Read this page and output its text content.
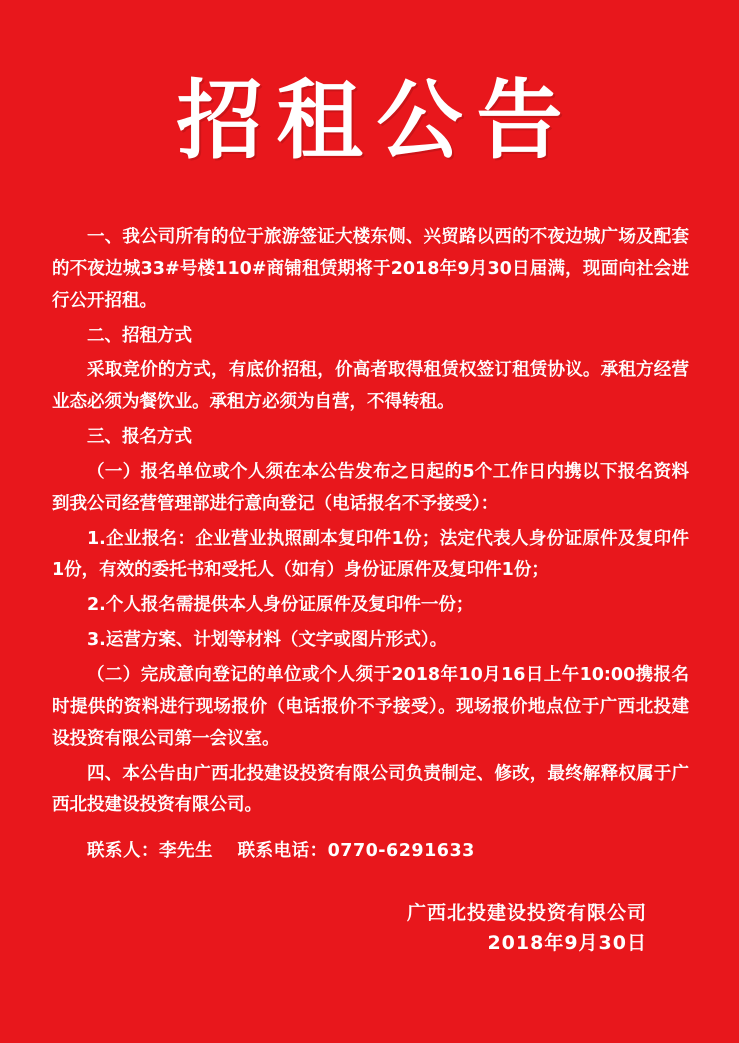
招租公告

一、我公司所有的位于旅游签证大楼东侧、兴贸路以西的不夜边城广场及配套的不夜边城33#号楼110#商铺租赁期将于2018年9月30日届满，现面向社会进行公开招租。

二、招租方式

采取竞价的方式，有底价招租，价高者取得租赁权签订租赁协议。承租方经营业态必须为餐饮业。承租方必须为自营，不得转租。

三、报名方式

（一）报名单位或个人须在本公告发布之日起的5个工作日内携以下报名资料到我公司经营管理部进行意向登记（电话报名不予接受）：

1.企业报名：企业营业执照副本复印件1份；法定代表人身份证原件及复印件1份，有效的委托书和受托人（如有）身份证原件及复印件1份；

2.个人报名需提供本人身份证原件及复印件一份；

3.运营方案、计划等材料（文字或图片形式）。

（二）完成意向登记的单位或个人须于2018年10月16日上午10:00携报名时提供的资料进行现场报价（电话报价不予接受）。现场报价地点位于广西北投建设投资有限公司第一会议室。

四、本公告由广西北投建设投资有限公司负责制定、修改，最终解释权属于广西北投建设投资有限公司。

联系人：李先生　 联系电话：0770-6291633

广西北投建设投资有限公司
2018年9月30日
